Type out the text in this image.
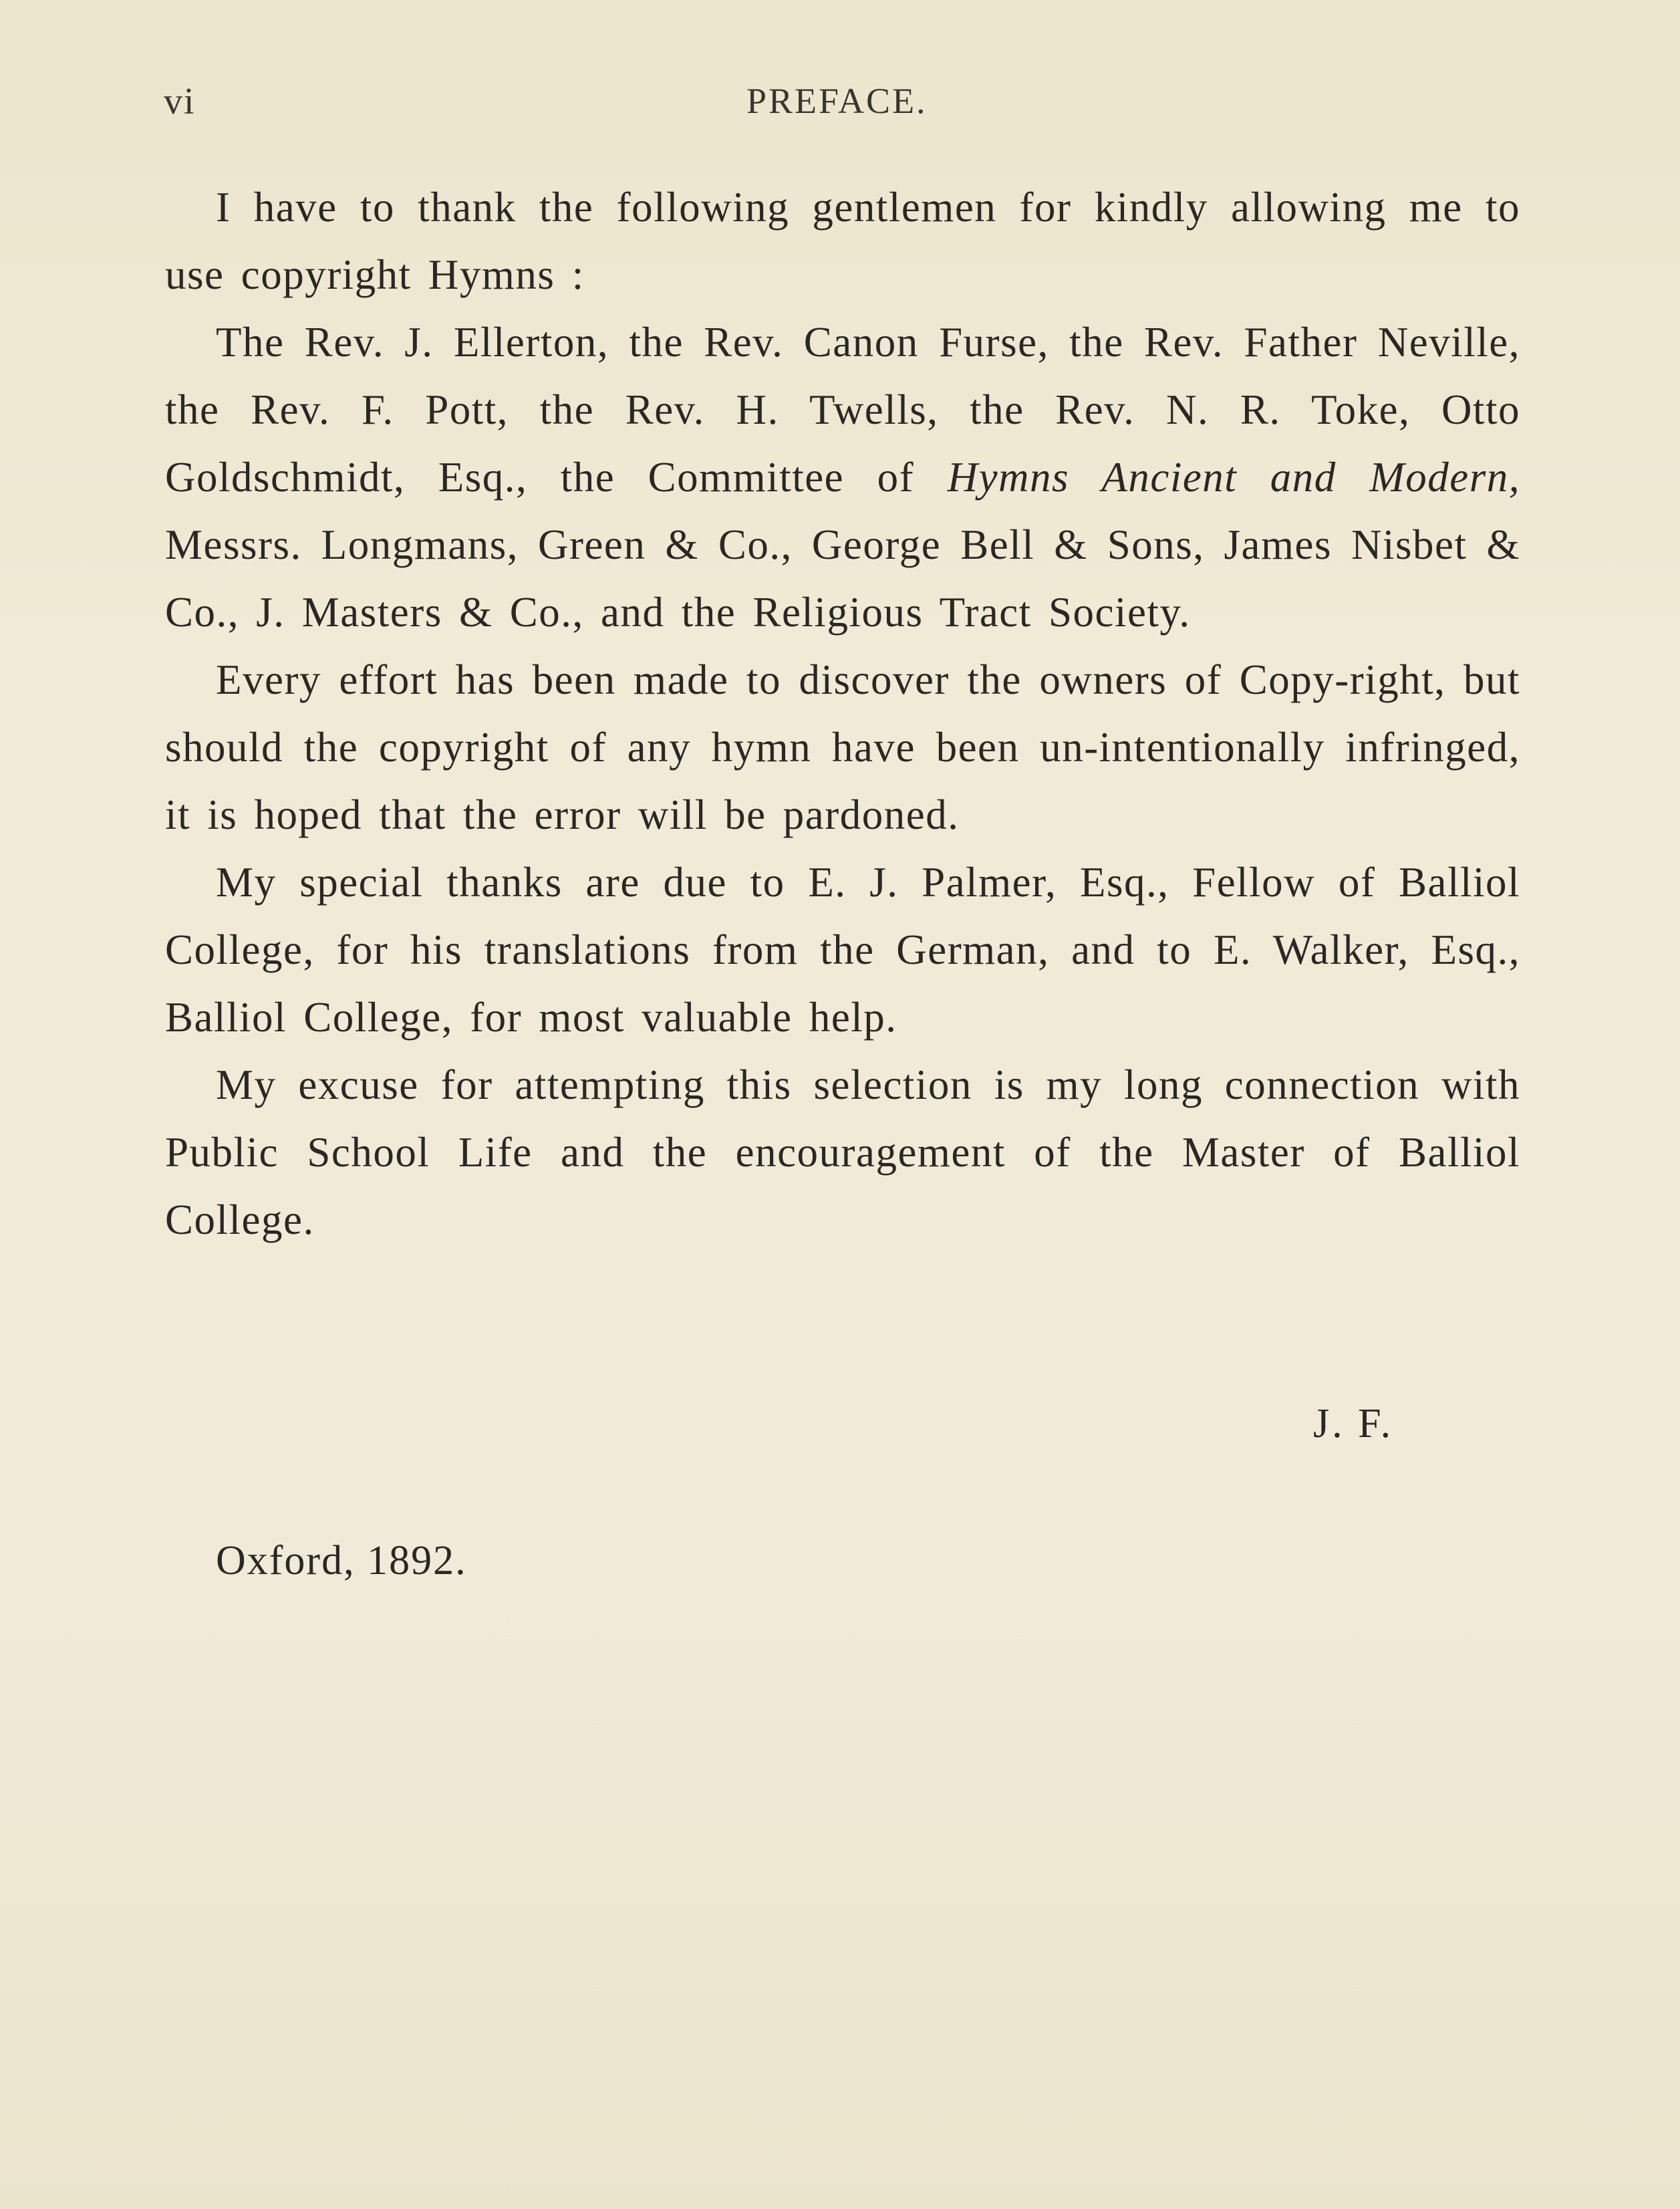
vi	PREFACE.

I have to thank the following gentlemen for kindly allowing me to use copyright Hymns :

The Rev. J. Ellerton, the Rev. Canon Furse, the Rev. Father Neville, the Rev. F. Pott, the Rev. H. Twells, the Rev. N. R. Toke, Otto Goldschmidt, Esq., the Committee of Hymns Ancient and Modern, Messrs. Longmans, Green & Co., George Bell & Sons, James Nisbet & Co., J. Masters & Co., and the Religious Tract Society.

Every effort has been made to discover the owners of Copy-right, but should the copyright of any hymn have been un-intentionally infringed, it is hoped that the error will be pardoned.

My special thanks are due to E. J. Palmer, Esq., Fellow of Balliol College, for his translations from the German, and to E. Walker, Esq., Balliol College, for most valuable help.

My excuse for attempting this selection is my long connection with Public School Life and the encouragement of the Master of Balliol College.

J. F.
Oxford, 1892.
